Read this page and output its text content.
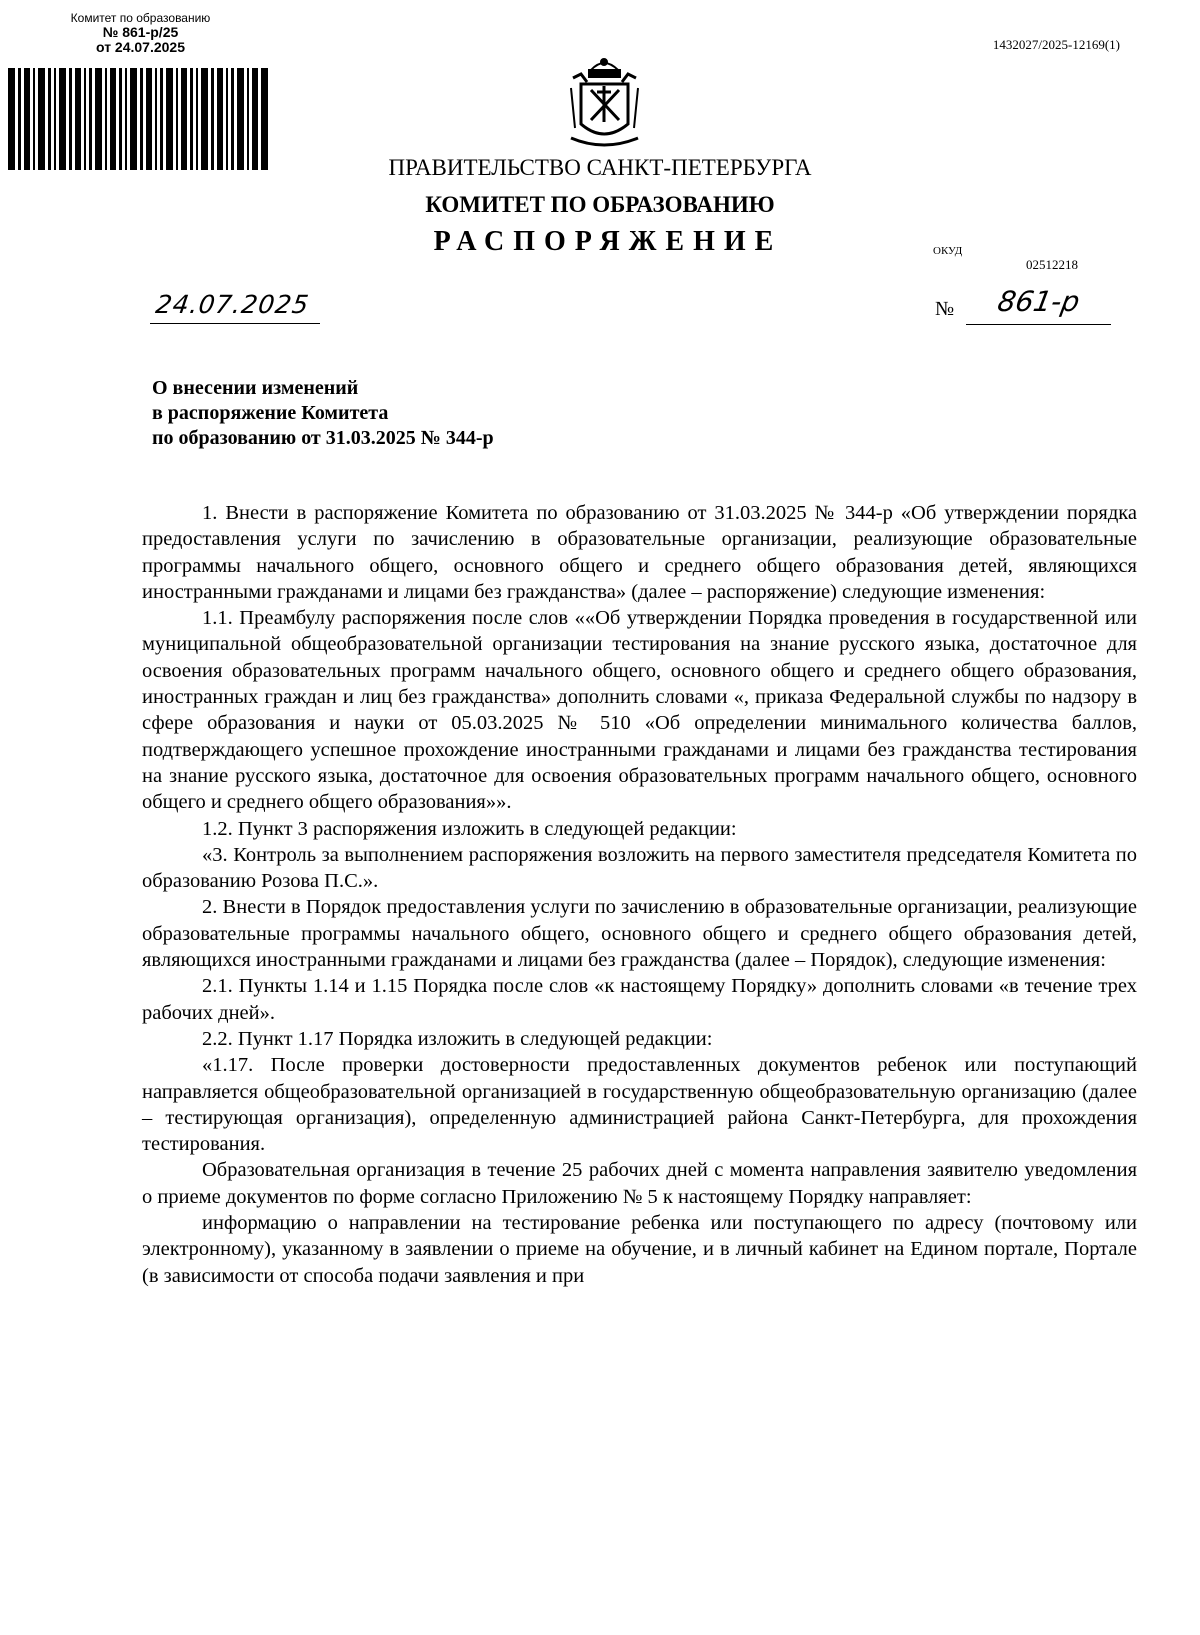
Комитет по образованию
№ 861-р/25
от 24.07.2025	1432027/2025-12169(1)
ПРАВИТЕЛЬСТВО САНКТ-ПЕТЕРБУРГА
КОМИТЕТ ПО ОБРАЗОВАНИЮ
РАСПОРЯЖЕНИЕ	ОКУД
02512218
24.07.2025	№ 861-р
О внесении изменений
в распоряжение Комитета
по образованию от 31.03.2025 № 344-р

1. Внести в распоряжение Комитета по образованию от 31.03.2025 № 344-р «Об утверждении порядка предоставления услуги по зачислению в образовательные организации, реализующие образовательные программы начального общего, основного общего и среднего общего образования детей, являющихся иностранными гражданами и лицами без гражданства» (далее – распоряжение) следующие изменения:

1.1. Преамбулу распоряжения после слов ««Об утверждении Порядка проведения в государственной или муниципальной общеобразовательной организации тестирования на знание русского языка, достаточное для освоения образовательных программ начального общего, основного общего и среднего общего образования, иностранных граждан и лиц без гражданства» дополнить словами «, приказа Федеральной службы по надзору в сфере образования и науки от 05.03.2025 № 510 «Об определении минимального количества баллов, подтверждающего успешное прохождение иностранными гражданами и лицами без гражданства тестирования на знание русского языка, достаточное для освоения образовательных программ начального общего, основного общего и среднего общего образования»».

1.2. Пункт 3 распоряжения изложить в следующей редакции:

«3. Контроль за выполнением распоряжения возложить на первого заместителя председателя Комитета по образованию Розова П.С.».

2. Внести в Порядок предоставления услуги по зачислению в образовательные организации, реализующие образовательные программы начального общего, основного общего и среднего общего образования детей, являющихся иностранными гражданами и лицами без гражданства (далее – Порядок), следующие изменения:

2.1. Пункты 1.14 и 1.15 Порядка после слов «к настоящему Порядку» дополнить словами «в течение трех рабочих дней».

2.2. Пункт 1.17 Порядка изложить в следующей редакции:

«1.17. После проверки достоверности предоставленных документов ребенок или поступающий направляется общеобразовательной организацией в государственную общеобразовательную организацию (далее – тестирующая организация), определенную администрацией района Санкт-Петербурга, для прохождения тестирования.

Образовательная организация в течение 25 рабочих дней с момента направления заявителю уведомления о приеме документов по форме согласно Приложению № 5 к настоящему Порядку направляет:

информацию о направлении на тестирование ребенка или поступающего по адресу (почтовому или электронному), указанному в заявлении о приеме на обучение, и в личный кабинет на Едином портале, Портале (в зависимости от способа подачи заявления и при
